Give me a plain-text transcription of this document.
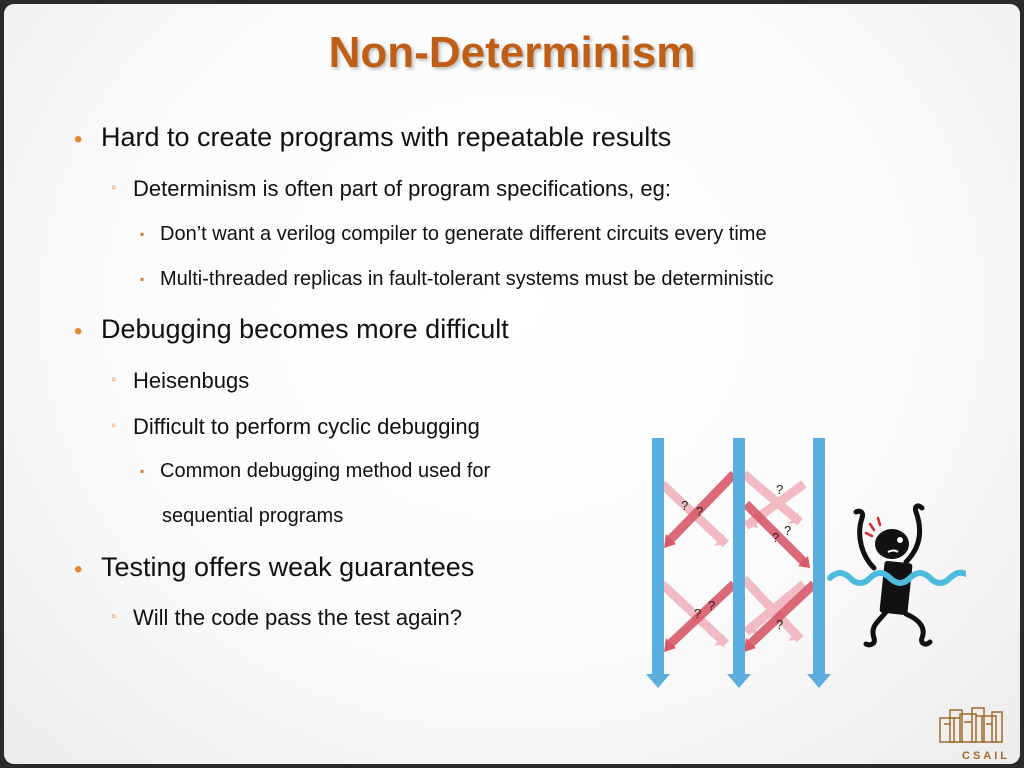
Non-Determinism
• Hard to create programs with repeatable results
◦ Determinism is often part of program specifications, eg:
▪ Don’t want a verilog compiler to generate different circuits every time
▪ Multi-threaded replicas in fault-tolerant systems must be deterministic
• Debugging becomes more difficult
◦ Heisenbugs
◦ Difficult to perform cyclic debugging
▪ Common debugging method used for
sequential programs
• Testing offers weak guarantees
◦ Will the code pass the test again?
? ?
?
? ?
?
?
?
CSAIL
